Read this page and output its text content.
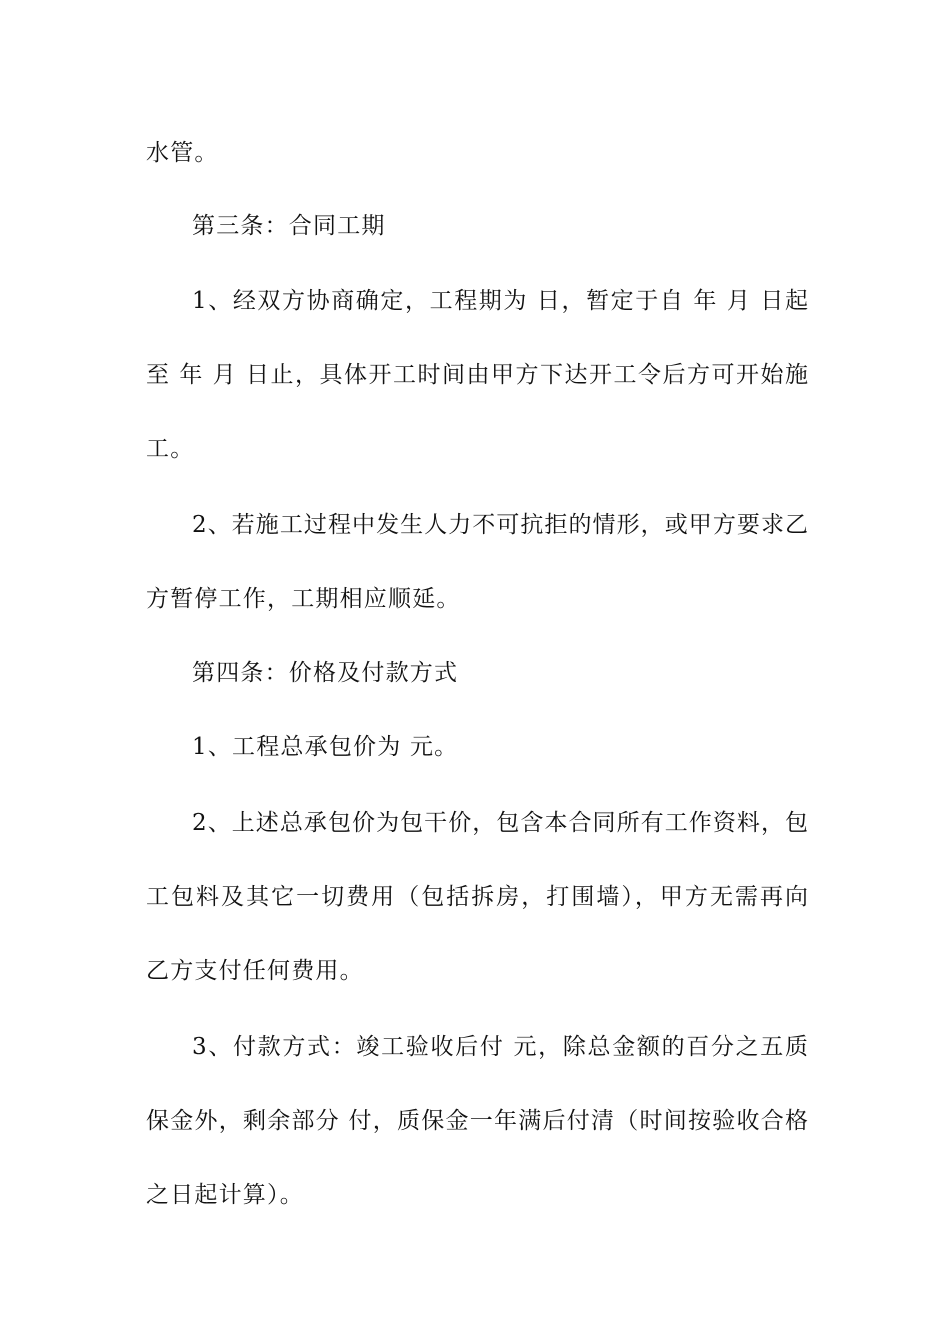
水管。
第三条：合同工期
1、经双方协商确定，工程期为 日，暂定于自 年 月 日起
至 年 月 日止，具体开工时间由甲方下达开工令后方可开始施
工。
2、若施工过程中发生人力不可抗拒的情形，或甲方要求乙
方暂停工作，工期相应顺延。
第四条：价格及付款方式
1、工程总承包价为 元。
2、上述总承包价为包干价，包含本合同所有工作资料，包
工包料及其它一切费用（包括拆房，打围墙），甲方无需再向
乙方支付任何费用。
3、付款方式：竣工验收后付 元，除总金额的百分之五质
保金外，剩余部分 付，质保金一年满后付清（时间按验收合格
之日起计算）。
